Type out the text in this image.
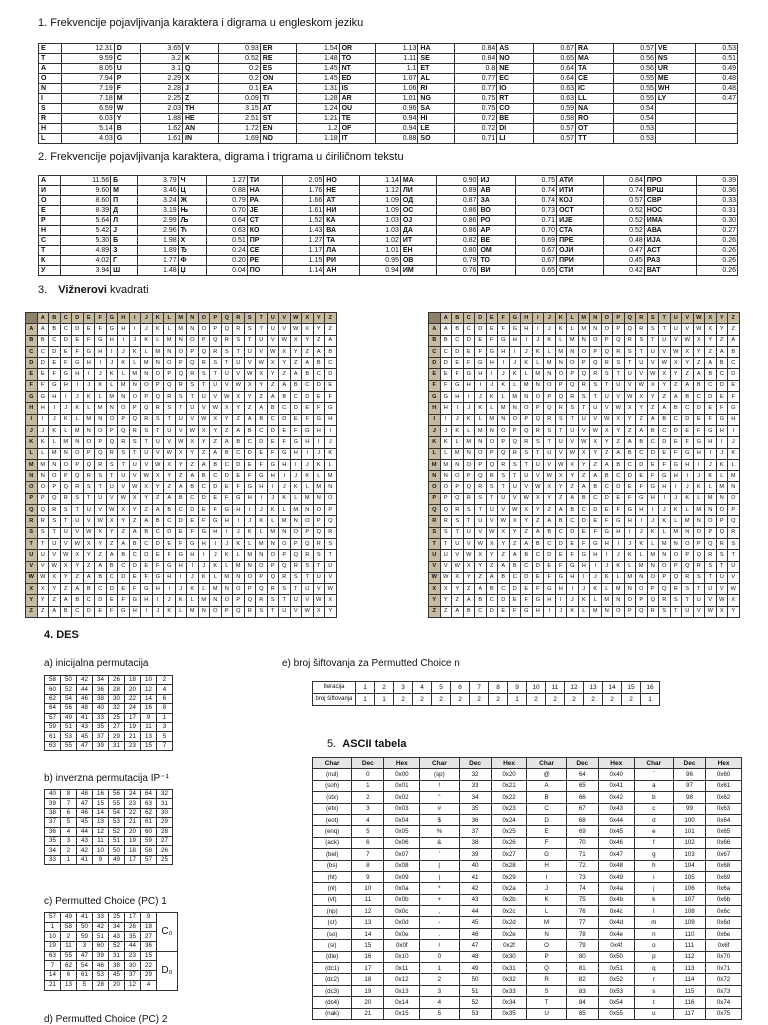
1. Frekvencije pojavljivanja karaktera i digrama u engleskom jeziku
E	12.31	D	3.65	V	0.93	ER	1.54	OR	1.13	HA	0.84	AS	0.67	RA	0.57	VE	0.53
T	9.59	C	3.2	K	0.52	RE	1.48	TO	1.11	SE	0.84	NO	0.65	MA	0.56	NS	0.51
A	8.05	U	3.1	Q	0.2	ES	1.45	NT	1.1	ET	0.8	NE	0.64	TA	0.56	UR	0.49
O	7.94	P	2.29	X	0.2	ON	1.45	ED	1.07	AL	0.77	EC	0.64	CE	0.55	ME	0.48
N	7.19	F	2.28	J	0.1	EA	1.31	IS	1.06	RI	0.77	IO	0.63	IC	0.55	WH	0.48
I	7.18	M	2.25	Z	0.09	TI	1.28	AR	1.01	NG	0.75	RT	0.63	LL	0.55	LY	0.47
S	6.59	W	2.03	TH	3.15	AT	1.24	OU	0.96	SA	0.75	CO	0.59	NA	0.54		
R	6.03	Y	1.88	HE	2.51	ST	1.21	TE	0.94	HI	0.72	BE	0.58	RO	0.54		
H	5.14	B	1.62	AN	1.72	EN	1.2	OF	0.94	LE	0.72	DI	0.57	OT	0.53		
L	4.03	G	1.61	IN	1.69	ND	1.18	IT	0.88	SO	0.71	LI	0.57	TT	0.53		
2. Frekvencije pojavljivanja karaktera, digrama i trigrama u ćiriličnom tekstu
А	11.56	Б	3.79	Ч	1.27	ТИ	2.05	НО	1.14	МА	0.90	ИЈ	0.75	АТИ	0.84	ПРО	0.39
И	9.60	М	3.46	Ц	0.88	НА	1.76	НЕ	1.12	ЛИ	0.89	АВ	0.74	ИТИ	0.74	ВРШ	0.36
О	8.60	П	3.24	Ж	0.79	РА	1.66	АТ	1.09	ОД	0.87	ЗА	0.74	КОЈ	0.57	СВР	0.33
Е	8.39	Д	3.19	Њ	0.70	ЈЕ	1.61	НИ	1.09	ОС	0.86	ВО	0.73	ОСТ	0.52	НОС	0.31
Р	5.64	Л	2.99	Љ	0.64	СТ	1.52	КА	1.03	ОЈ	0.86	РО	0.71	ИЈЕ	0.52	ИМА	0.30
Н	5.42	Ј	2.96	Ћ	0.63	КО	1.43	ВА	1.03	ДА	0.86	АР	0.70	СТА	0.52	АВА	0.27
С	5.30	Б	1.98	Х	0.51	ПР	1.27	ТА	1.02	ИТ	0.82	ВЕ	0.69	ПРЕ	0.48	ИЈА	0.26
Т	4.89	З	1.89	Ђ	0.24	СЕ	1.17	ЛА	1.01	ЕН	0.80	ОМ	0.67	ОЈИ	0.47	АСТ	0.26
К	4.02	Г	1.77	Ф	0.20	РЕ	1.15	РИ	0.95	ОВ	0.79	ТО	0.67	ПРИ	0.45	РАЗ	0.26
У	3.94	Ш	1.48	Џ	0.04	ПО	1.14	АН	0.94	ИМ	0.76	ВИ	0.65	СТИ	0.42	ВАТ	0.26
3. Vižnerovi kvadrati
	A	B	C	D	E	F	G	H	I	J	K	L	M	N	O	P	Q	R	S	T	U	V	W	X	Y	Z
A	A	B	C	D	E	F	G	H	I	J	K	L	M	N	O	P	Q	R	S	T	U	V	W	X	Y	Z
B	B	C	D	E	F	G	H	I	J	K	L	M	N	O	P	Q	R	S	T	U	V	W	X	Y	Z	A
C	C	D	E	F	G	H	I	J	K	L	M	N	O	P	Q	R	S	T	U	V	W	X	Y	Z	A	B
D	D	E	F	G	H	I	J	K	L	M	N	O	P	Q	R	S	T	U	V	W	X	Y	Z	A	B	C
E	E	F	G	H	I	J	K	L	M	N	O	P	Q	R	S	T	U	V	W	X	Y	Z	A	B	C	D
F	F	G	H	I	J	K	L	M	N	O	P	Q	R	S	T	U	V	W	X	Y	Z	A	B	C	D	E
G	G	H	I	J	K	L	M	N	O	P	Q	R	S	T	U	V	W	X	Y	Z	A	B	C	D	E	F
H	H	I	J	K	L	M	N	O	P	Q	R	S	T	U	V	W	X	Y	Z	A	B	C	D	E	F	G
I	I	J	K	L	M	N	O	P	Q	R	S	T	U	V	W	X	Y	Z	A	B	C	D	E	F	G	H
J	J	K	L	M	N	O	P	Q	R	S	T	U	V	W	X	Y	Z	A	B	C	D	E	F	G	H	I
K	K	L	M	N	O	P	Q	R	S	T	U	V	W	X	Y	Z	A	B	C	D	E	F	G	H	I	J
L	L	M	N	O	P	Q	R	S	T	U	V	W	X	Y	Z	A	B	C	D	E	F	G	H	I	J	K
M	M	N	O	P	Q	R	S	T	U	V	W	X	Y	Z	A	B	C	D	E	F	G	H	I	J	K	L
N	N	O	P	Q	R	S	T	U	V	W	X	Y	Z	A	B	C	D	E	F	G	H	I	J	K	L	M
O	O	P	Q	R	S	T	U	V	W	X	Y	Z	A	B	C	D	E	F	G	H	I	J	K	L	M	N
P	P	Q	R	S	T	U	V	W	X	Y	Z	A	B	C	D	E	F	G	H	I	J	K	L	M	N	O
Q	Q	R	S	T	U	V	W	X	Y	Z	A	B	C	D	E	F	G	H	I	J	K	L	M	N	O	P
R	R	S	T	U	V	W	X	Y	Z	A	B	C	D	E	F	G	H	I	J	K	L	M	N	O	P	Q
S	S	T	U	V	W	X	Y	Z	A	B	C	D	E	F	G	H	I	J	K	L	M	N	O	P	Q	R
T	T	U	V	W	X	Y	Z	A	B	C	D	E	F	G	H	I	J	K	L	M	N	O	P	Q	R	S
U	U	V	W	X	Y	Z	A	B	C	D	E	F	G	H	I	J	K	L	M	N	O	P	Q	R	S	T
V	V	W	X	Y	Z	A	B	C	D	E	F	G	H	I	J	K	L	M	N	O	P	Q	R	S	T	U
W	W	X	Y	Z	A	B	C	D	E	F	G	H	I	J	K	L	M	N	O	P	Q	R	S	T	U	V
X	X	Y	Z	A	B	C	D	E	F	G	H	I	J	K	L	M	N	O	P	Q	R	S	T	U	V	W
Y	Y	Z	A	B	C	D	E	F	G	H	I	J	K	L	M	N	O	P	Q	R	S	T	U	V	W	X
Z	Z	A	B	C	D	E	F	G	H	I	J	K	L	M	N	O	P	Q	R	S	T	U	V	W	X	Y
	A	B	C	D	E	F	G	H	I	J	K	L	M	N	O	P	Q	R	S	T	U	V	W	X	Y	Z
A	A	B	C	D	E	F	G	H	I	J	K	L	M	N	O	P	Q	R	S	T	U	V	W	X	Y	Z
B	B	C	D	E	F	G	H	I	J	K	L	M	N	O	P	Q	R	S	T	U	V	W	X	Y	Z	A
C	C	D	E	F	G	H	I	J	K	L	M	N	O	P	Q	R	S	T	U	V	W	X	Y	Z	A	B
D	D	E	F	G	H	I	J	K	L	M	N	O	P	Q	R	S	T	U	V	W	X	Y	Z	A	B	C
E	E	F	G	H	I	J	K	L	M	N	O	P	Q	R	S	T	U	V	W	X	Y	Z	A	B	C	D
F	F	G	H	I	J	K	L	M	N	O	P	Q	R	S	T	U	V	W	X	Y	Z	A	B	C	D	E
G	G	H	I	J	K	L	M	N	O	P	Q	R	S	T	U	V	W	X	Y	Z	A	B	C	D	E	F
H	H	I	J	K	L	M	N	O	P	Q	R	S	T	U	V	W	X	Y	Z	A	B	C	D	E	F	G
I	I	J	K	L	M	N	O	P	Q	R	S	T	U	V	W	X	Y	Z	A	B	C	D	E	F	G	H
J	J	K	L	M	N	O	P	Q	R	S	T	U	V	W	X	Y	Z	A	B	C	D	E	F	G	H	I
K	K	L	M	N	O	P	Q	R	S	T	U	V	W	X	Y	Z	A	B	C	D	E	F	G	H	I	J
L	L	M	N	O	P	Q	R	S	T	U	V	W	X	Y	Z	A	B	C	D	E	F	G	H	I	J	K
M	M	N	O	P	Q	R	S	T	U	V	W	X	Y	Z	A	B	C	D	E	F	G	H	I	J	K	L
N	N	O	P	Q	R	S	T	U	V	W	X	Y	Z	A	B	C	D	E	F	G	H	I	J	K	L	M
O	O	P	Q	R	S	T	U	V	W	X	Y	Z	A	B	C	D	E	F	G	H	I	J	K	L	M	N
P	P	Q	R	S	T	U	V	W	X	Y	Z	A	B	C	D	E	F	G	H	I	J	K	L	M	N	O
Q	Q	R	S	T	U	V	W	X	Y	Z	A	B	C	D	E	F	G	H	I	J	K	L	M	N	O	P
R	R	S	T	U	V	W	X	Y	Z	A	B	C	D	E	F	G	H	I	J	K	L	M	N	O	P	Q
S	S	T	U	V	W	X	Y	Z	A	B	C	D	E	F	G	H	I	J	K	L	M	N	O	P	Q	R
T	T	U	V	W	X	Y	Z	A	B	C	D	E	F	G	H	I	J	K	L	M	N	O	P	Q	R	S
U	U	V	W	X	Y	Z	A	B	C	D	E	F	G	H	I	J	K	L	M	N	O	P	Q	R	S	T
V	V	W	X	Y	Z	A	B	C	D	E	F	G	H	I	J	K	L	M	N	O	P	Q	R	S	T	U
W	W	X	Y	Z	A	B	C	D	E	F	G	H	I	J	K	L	M	N	O	P	Q	R	S	T	U	V
X	X	Y	Z	A	B	C	D	E	F	G	H	I	J	K	L	M	N	O	P	Q	R	S	T	U	V	W
Y	Y	Z	A	B	C	D	E	F	G	H	I	J	K	L	M	N	O	P	Q	R	S	T	U	V	W	X
Z	Z	A	B	C	D	E	F	G	H	I	J	K	L	M	N	O	P	Q	R	S	T	U	V	W	X	Y
4. DES
a) inicijalna permutacija
58	50	42	34	26	18	10	2
60	52	44	36	28	20	12	4
62	54	46	38	30	22	14	6
64	56	48	40	32	24	16	8
57	49	41	33	25	17	9	1
59	51	43	35	27	19	11	3
61	53	45	37	29	21	13	5
63	55	47	39	31	23	15	7
b) inverzna permutacija IP⁻¹
40	8	48	16	56	24	64	32
39	7	47	15	55	23	63	31
38	6	46	14	54	22	62	30
37	5	45	13	53	21	61	29
36	4	44	12	52	20	60	28
35	3	43	11	51	19	59	27
34	2	42	10	50	18	58	26
33	1	41	9	49	17	57	25
c) Permutted Choice (PC) 1
57	49	41	33	25	17	9	C₀
1	58	50	42	34	26	18	
10	2	59	51	43	35	27	
19	11	3	60	52	44	36	
63	55	47	39	31	23	15	D₀
7	62	54	46	38	30	22	
14	6	61	53	45	37	29	
21	13	5	28	20	12	4	
d) Permutted Choice (PC) 2
e) broj šiftovanja za Permutted Choice n
Iteracija	1	2	3	4	5	6	7	8	9	10	11	12	13	14	15	16
broj šiftovanja	1	1	2	2	2	2	2	2	1	2	2	2	2	2	2	1
5. ASCII tabela
Char	Dec	Hex	Char	Dec	Hex	Char	Dec	Hex	Char	Dec	Hex
(nul)	0	0x00	(sp)	32	0x20	@	64	0x40	`	96	0x60
(soh)	1	0x01	!	33	0x21	A	65	0x41	a	97	0x61
(stx)	2	0x02	"	34	0x22	B	66	0x42	b	98	0x62
(etx)	3	0x03	#	35	0x23	C	67	0x43	c	99	0x63
(eot)	4	0x04	$	36	0x24	D	68	0x44	d	100	0x64
(enq)	5	0x05	%	37	0x25	E	69	0x45	e	101	0x65
(ack)	6	0x06	&	38	0x26	F	70	0x46	f	102	0x66
(bel)	7	0x07	'	39	0x27	G	71	0x47	g	103	0x67
(bs)	8	0x08	(	40	0x28	H	72	0x48	h	104	0x68
(ht)	9	0x09	)	41	0x29	I	73	0x49	i	105	0x69
(nl)	10	0x0a	*	42	0x2a	J	74	0x4a	j	106	0x6a
(vt)	11	0x0b	+	43	0x2b	K	75	0x4b	k	107	0x6b
(np)	12	0x0c	,	44	0x2c	L	76	0x4c	l	108	0x6c
(cr)	13	0x0d	-	45	0x2d	M	77	0x4d	m	109	0x6d
(so)	14	0x0e	.	46	0x2e	N	78	0x4e	n	110	0x6e
(si)	15	0x0f	/	47	0x2f	O	79	0x4f	o	111	0x6f
(dle)	16	0x10	0	48	0x30	P	80	0x50	p	112	0x70
(dc1)	17	0x11	1	49	0x31	Q	81	0x51	q	113	0x71
(dc2)	18	0x12	2	50	0x32	R	82	0x52	r	114	0x72
(dc3)	19	0x13	3	51	0x33	S	83	0x53	s	115	0x73
(dc4)	20	0x14	4	52	0x34	T	84	0x54	t	116	0x74
(nak)	21	0x15	5	53	0x35	U	85	0x55	u	117	0x75
